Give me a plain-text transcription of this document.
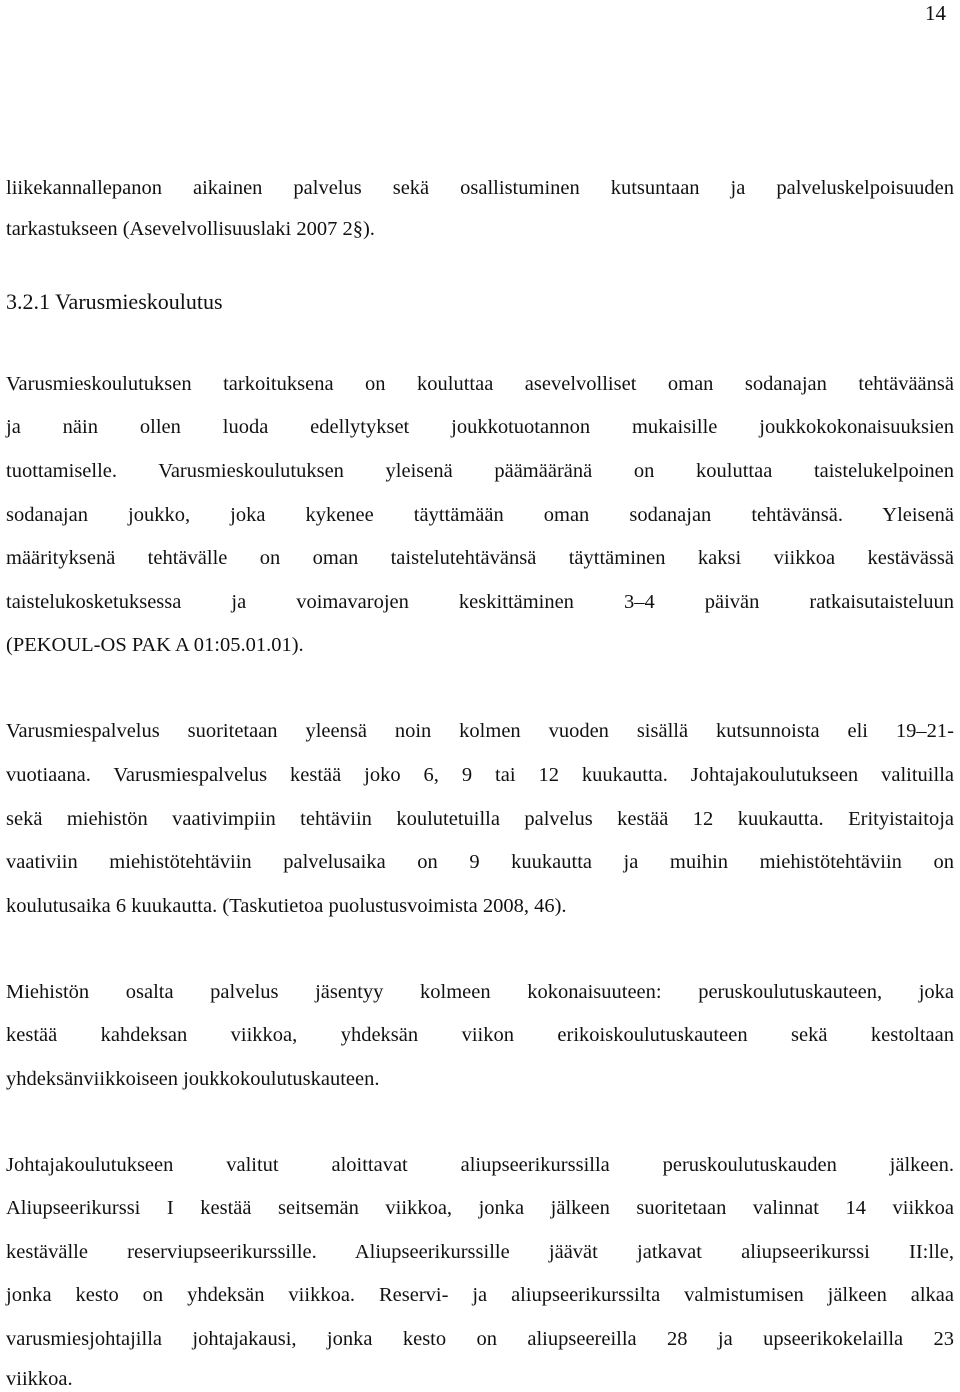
14
liikekannallepanon aikainen palvelus sekä osallistuminen kutsuntaan ja palveluskelpoisuuden
tarkastukseen (Asevelvollisuuslaki 2007 2§).
3.2.1 Varusmieskoulutus
Varusmieskoulutuksen tarkoituksena on kouluttaa asevelvolliset oman sodanajan tehtäväänsä
ja näin ollen luoda edellytykset joukkotuotannon mukaisille joukkokokonaisuuksien
tuottamiselle. Varusmieskoulutuksen yleisenä päämääränä on kouluttaa taistelukelpoinen
sodanajan joukko, joka kykenee täyttämään oman sodanajan tehtävänsä. Yleisenä
määrityksenä tehtävälle on oman taistelutehtävänsä täyttäminen kaksi viikkoa kestävässä
taistelukosketuksessa ja voimavarojen keskittäminen 3–4 päivän ratkaisutaisteluun
(PEKOUL-OS PAK A 01:05.01.01).
Varusmiespalvelus suoritetaan yleensä noin kolmen vuoden sisällä kutsunnoista eli 19–21-
vuotiaana. Varusmiespalvelus kestää joko 6, 9 tai 12 kuukautta. Johtajakoulutukseen valituilla
sekä miehistön vaativimpiin tehtäviin koulutetuilla palvelus kestää 12 kuukautta. Erityistaitoja
vaativiin miehistötehtäviin palvelusaika on 9 kuukautta ja muihin miehistötehtäviin on
koulutusaika 6 kuukautta. (Taskutietoa puolustusvoimista 2008, 46).
Miehistön osalta palvelus jäsentyy kolmeen kokonaisuuteen: peruskoulutuskauteen, joka
kestää kahdeksan viikkoa, yhdeksän viikon erikoiskoulutuskauteen sekä kestoltaan
yhdeksänviikkoiseen joukkokoulutuskauteen.
Johtajakoulutukseen valitut aloittavat aliupseerikurssilla peruskoulutuskauden jälkeen.
Aliupseerikurssi I kestää seitsemän viikkoa, jonka jälkeen suoritetaan valinnat 14 viikkoa
kestävälle reserviupseerikurssille. Aliupseerikurssille jäävät jatkavat aliupseerikurssi II:lle,
jonka kesto on yhdeksän viikkoa. Reservi- ja aliupseerikurssilta valmistumisen jälkeen alkaa
varusmiesjohtajilla johtajakausi, jonka kesto on aliupseereilla 28 ja upseerikokelailla 23
viikkoa.
